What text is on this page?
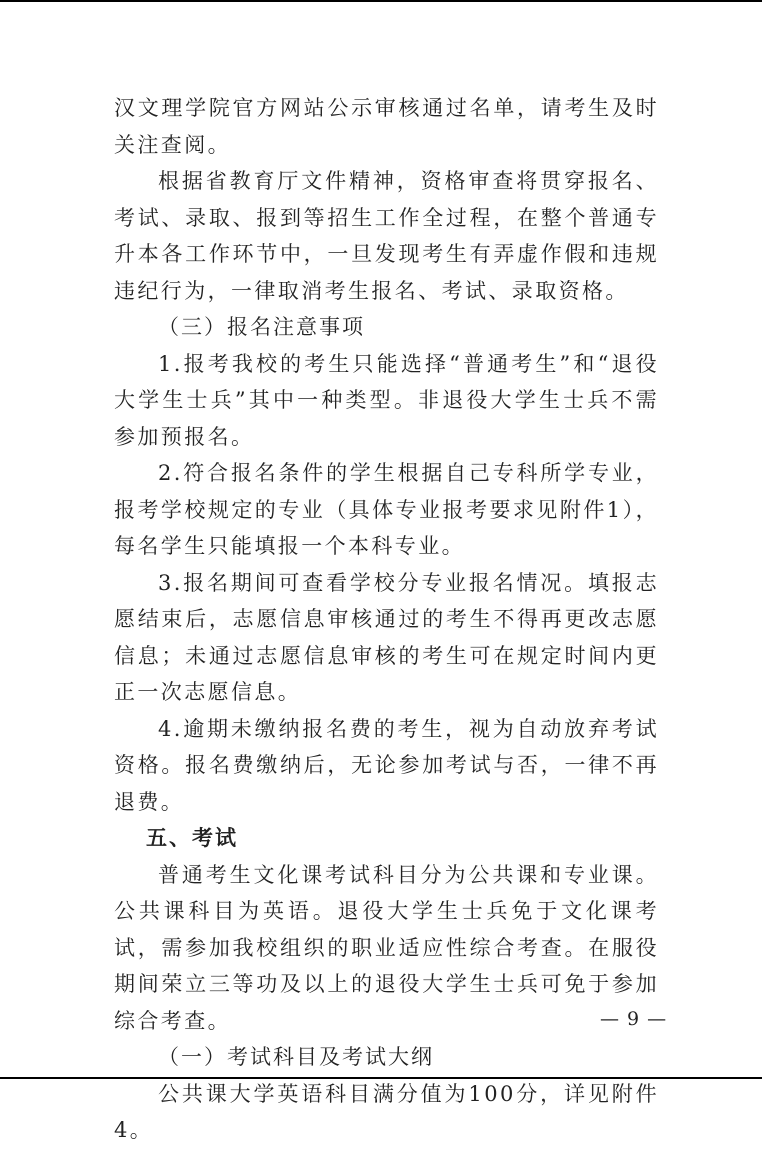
汉文理学院官方网站公示审核通过名单，请考生及时关注查阅。

根据省教育厅文件精神，资格审查将贯穿报名、考试、录取、报到等招生工作全过程，在整个普通专升本各工作环节中，一旦发现考生有弄虚作假和违规违纪行为，一律取消考生报名、考试、录取资格。

（三）报名注意事项

1.报考我校的考生只能选择“普通考生”和“退役大学生士兵”其中一种类型。非退役大学生士兵不需参加预报名。

2.符合报名条件的学生根据自己专科所学专业，报考学校规定的专业（具体专业报考要求见附件1），每名学生只能填报一个本科专业。

3.报名期间可查看学校分专业报名情况。填报志愿结束后，志愿信息审核通过的考生不得再更改志愿信息；未通过志愿信息审核的考生可在规定时间内更正一次志愿信息。

4.逾期未缴纳报名费的考生，视为自动放弃考试资格。报名费缴纳后，无论参加考试与否，一律不再退费。

五、考试

普通考生文化课考试科目分为公共课和专业课。公共课科目为英语。退役大学生士兵免于文化课考试，需参加我校组织的职业适应性综合考查。在服役期间荣立三等功及以上的退役大学生士兵可免于参加综合考查。

（一）考试科目及考试大纲

公共课大学英语科目满分值为100分，详见附件4。

— 9 —
